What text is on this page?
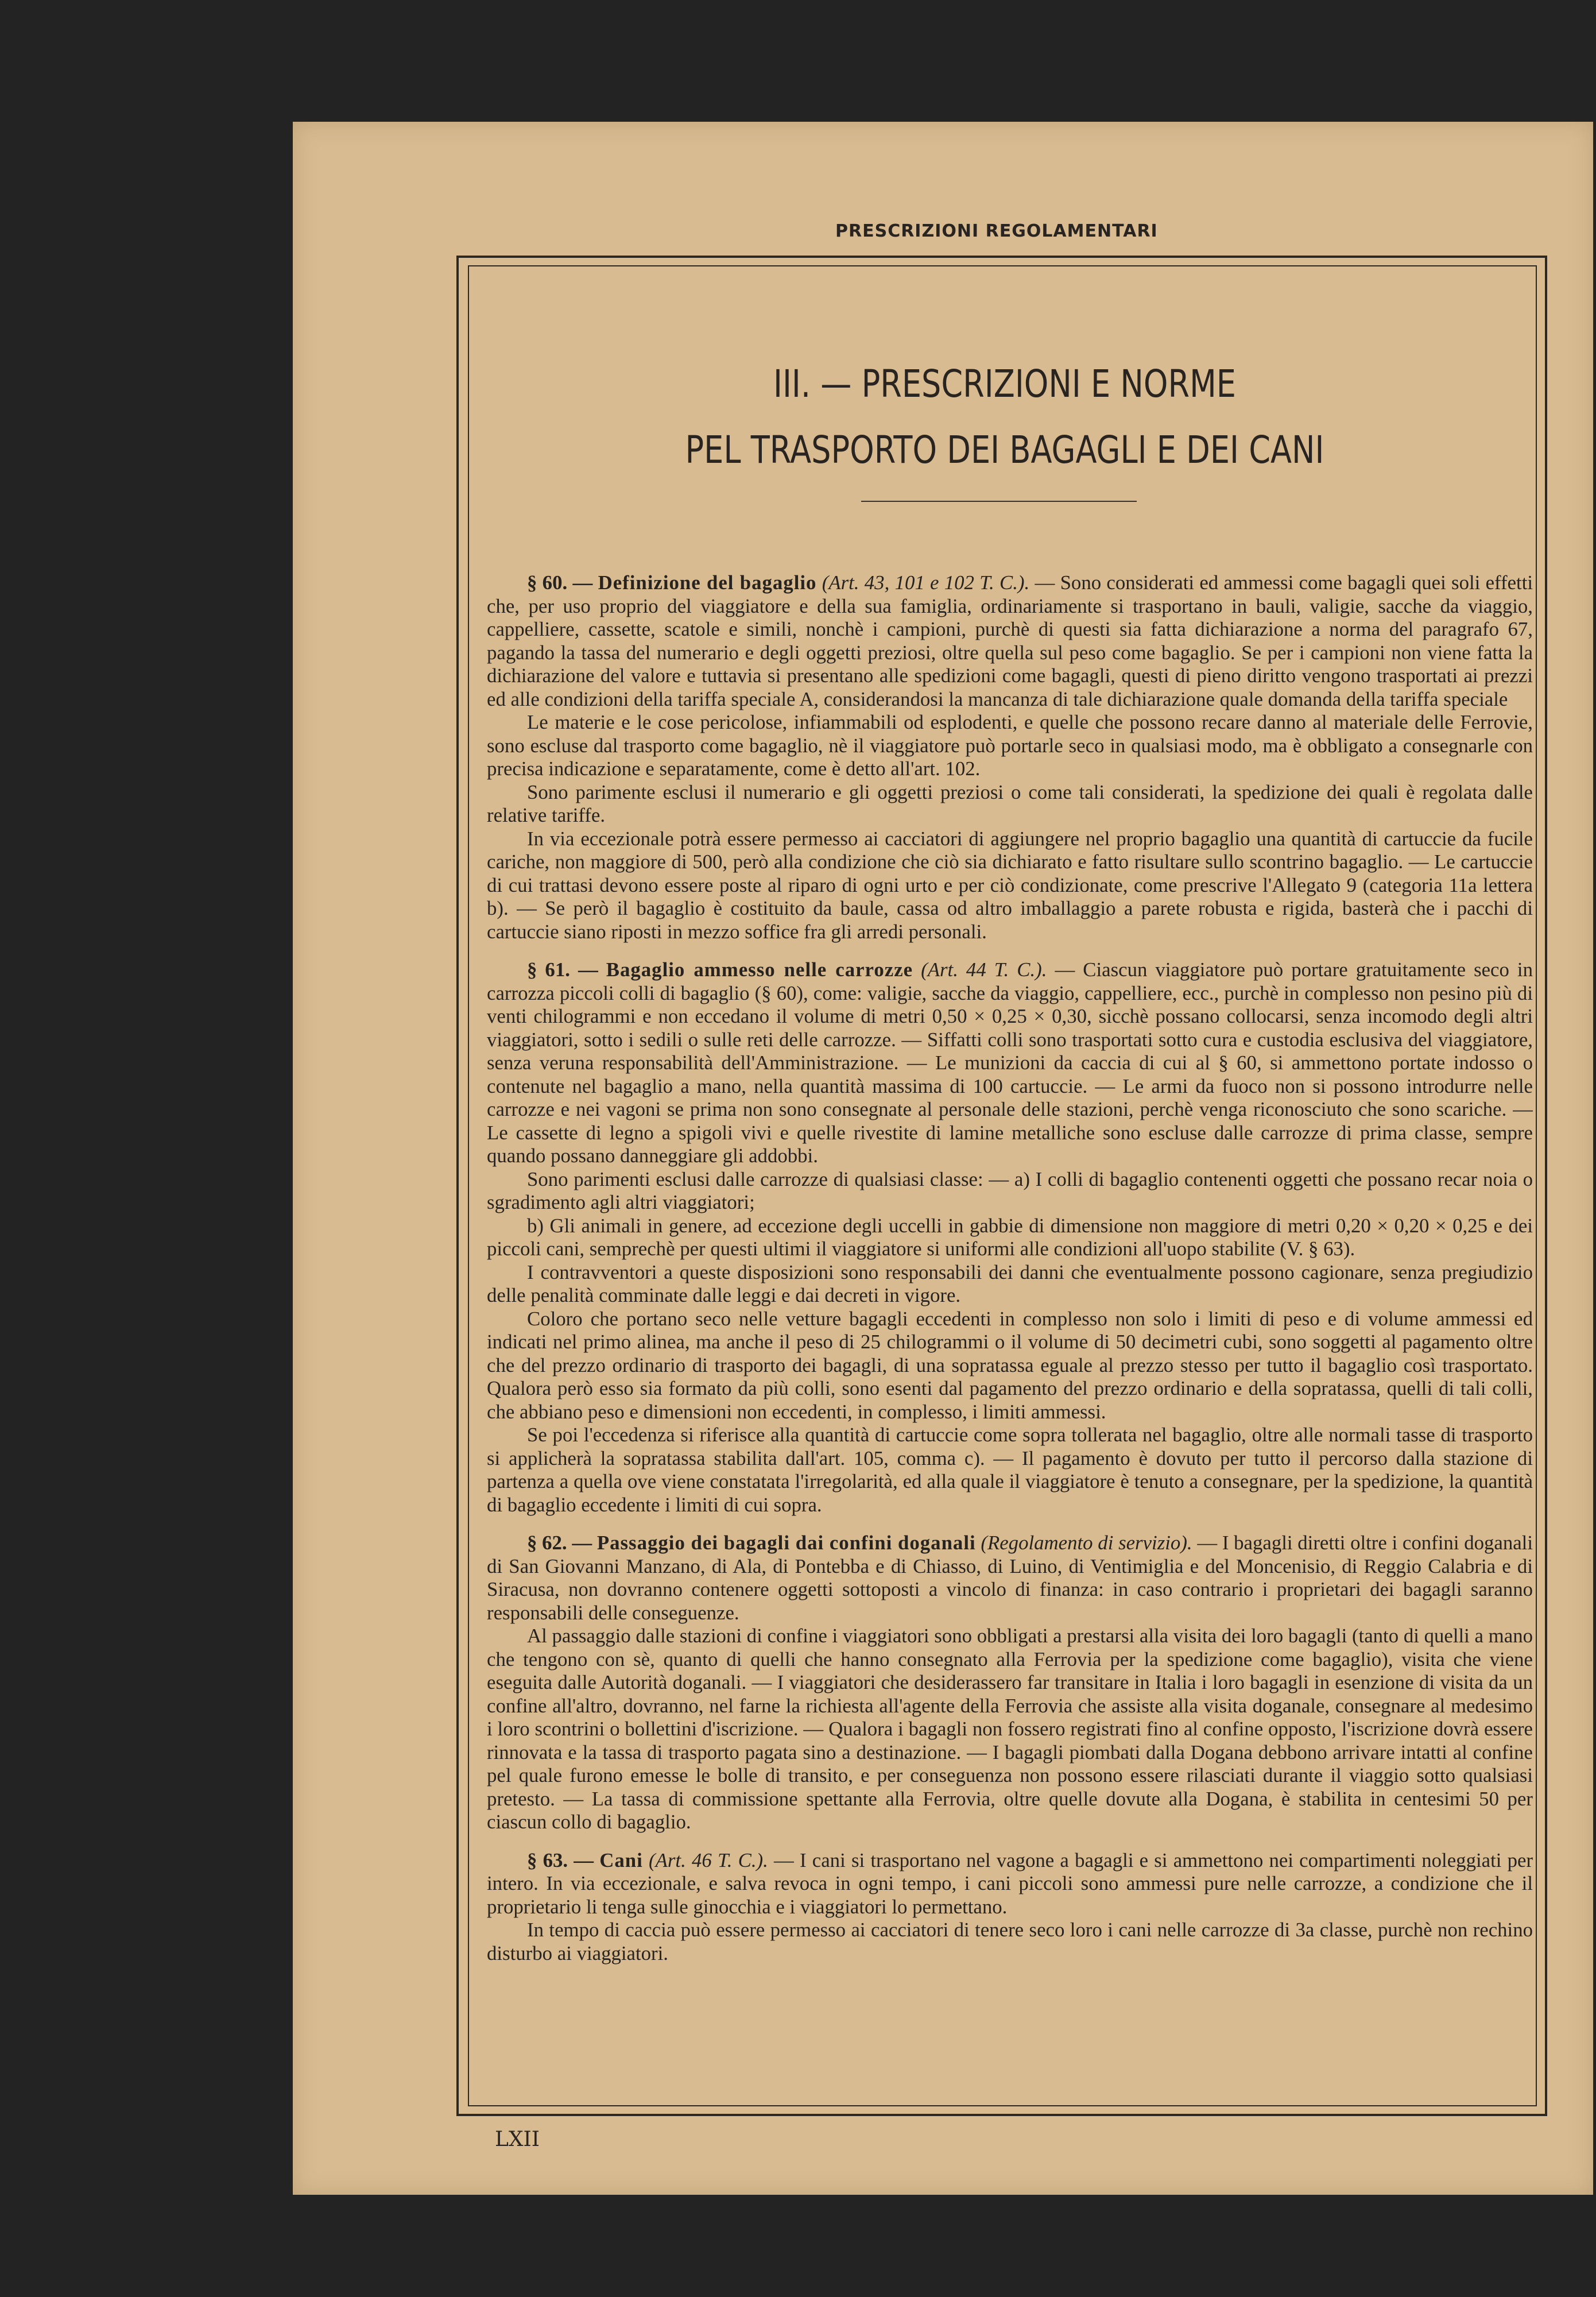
PRESCRIZIONI REGOLAMENTARI
III. — PRESCRIZIONI E NORME
PEL TRASPORTO DEI BAGAGLI E DEI CANI

§ 60. — Definizione del bagaglio (Art. 43, 101 e 102 T. C.). — Sono considerati ed ammessi come bagagli quei soli effetti che, per uso proprio del viaggiatore e della sua famiglia, ordinariamente si trasportano in bauli, valigie, sacche da viaggio, cappelliere, cassette, scatole e simili, nonchè i campioni, purchè di questi sia fatta dichiarazione a norma del paragrafo 67, pagando la tassa del numerario e degli oggetti preziosi, oltre quella sul peso come bagaglio. Se per i campioni non viene fatta la dichiarazione del valore e tuttavia si presentano alle spedizioni come bagagli, questi di pieno diritto vengono trasportati ai prezzi ed alle condizioni della tariffa speciale A, considerandosi la mancanza di tale dichiarazione quale domanda della tariffa speciale

Le materie e le cose pericolose, infiammabili od esplodenti, e quelle che possono recare danno al materiale delle Ferrovie, sono escluse dal trasporto come bagaglio, nè il viaggiatore può portarle seco in qualsiasi modo, ma è obbligato a consegnarle con precisa indicazione e separatamente, come è detto all'art. 102.

Sono parimente esclusi il numerario e gli oggetti preziosi o come tali considerati, la spedizione dei quali è regolata dalle relative tariffe.

In via eccezionale potrà essere permesso ai cacciatori di aggiungere nel proprio bagaglio una quantità di cartuccie da fucile cariche, non maggiore di 500, però alla condizione che ciò sia dichiarato e fatto risultare sullo scontrino bagaglio. — Le cartuccie di cui trattasi devono essere poste al riparo di ogni urto e per ciò condizionate, come prescrive l'Allegato 9 (categoria 11a lettera b). — Se però il bagaglio è costituito da baule, cassa od altro imballaggio a parete robusta e rigida, basterà che i pacchi di cartuccie siano riposti in mezzo soffice fra gli arredi personali.

§ 61. — Bagaglio ammesso nelle carrozze (Art. 44 T. C.). — Ciascun viaggiatore può portare gratuitamente seco in carrozza piccoli colli di bagaglio (§ 60), come: valigie, sacche da viaggio, cappelliere, ecc., purchè in complesso non pesino più di venti chilogrammi e non eccedano il volume di metri 0,50 × 0,25 × 0,30, sicchè possano collocarsi, senza incomodo degli altri viaggiatori, sotto i sedili o sulle reti delle carrozze. — Siffatti colli sono trasportati sotto cura e custodia esclusiva del viaggiatore, senza veruna responsabilità dell'Amministrazione. — Le munizioni da caccia di cui al § 60, si ammettono portate indosso o contenute nel bagaglio a mano, nella quantità massima di 100 cartuccie. — Le armi da fuoco non si possono introdurre nelle carrozze e nei vagoni se prima non sono consegnate al personale delle stazioni, perchè venga riconosciuto che sono scariche. — Le cassette di legno a spigoli vivi e quelle rivestite di lamine metalliche sono escluse dalle carrozze di prima classe, sempre quando possano danneggiare gli addobbi.

Sono parimenti esclusi dalle carrozze di qualsiasi classe: — a) I colli di bagaglio contenenti oggetti che possano recar noia o sgradimento agli altri viaggiatori;

b) Gli animali in genere, ad eccezione degli uccelli in gabbie di dimensione non maggiore di metri 0,20 × 0,20 × 0,25 e dei piccoli cani, semprechè per questi ultimi il viaggiatore si uniformi alle condizioni all'uopo stabilite (V. § 63).

I contravventori a queste disposizioni sono responsabili dei danni che eventualmente possono cagionare, senza pregiudizio delle penalità comminate dalle leggi e dai decreti in vigore.

Coloro che portano seco nelle vetture bagagli eccedenti in complesso non solo i limiti di peso e di volume ammessi ed indicati nel primo alinea, ma anche il peso di 25 chilogrammi o il volume di 50 decimetri cubi, sono soggetti al pagamento oltre che del prezzo ordinario di trasporto dei bagagli, di una sopratassa eguale al prezzo stesso per tutto il bagaglio così trasportato. Qualora però esso sia formato da più colli, sono esenti dal pagamento del prezzo ordinario e della sopratassa, quelli di tali colli, che abbiano peso e dimensioni non eccedenti, in complesso, i limiti ammessi.

Se poi l'eccedenza si riferisce alla quantità di cartuccie come sopra tollerata nel bagaglio, oltre alle normali tasse di trasporto si applicherà la sopratassa stabilita dall'art. 105, comma c). — Il pagamento è dovuto per tutto il percorso dalla stazione di partenza a quella ove viene constatata l'irregolarità, ed alla quale il viaggiatore è tenuto a consegnare, per la spedizione, la quantità di bagaglio eccedente i limiti di cui sopra.

§ 62. — Passaggio dei bagagli dai confini doganali (Regolamento di servizio). — I bagagli diretti oltre i confini doganali di San Giovanni Manzano, di Ala, di Pontebba e di Chiasso, di Luino, di Ventimiglia e del Moncenisio, di Reggio Calabria e di Siracusa, non dovranno contenere oggetti sottoposti a vincolo di finanza: in caso contrario i proprietari dei bagagli saranno responsabili delle conseguenze.

Al passaggio dalle stazioni di confine i viaggiatori sono obbligati a prestarsi alla visita dei loro bagagli (tanto di quelli a mano che tengono con sè, quanto di quelli che hanno consegnato alla Ferrovia per la spedizione come bagaglio), visita che viene eseguita dalle Autorità doganali. — I viaggiatori che desiderassero far transitare in Italia i loro bagagli in esenzione di visita da un confine all'altro, dovranno, nel farne la richiesta all'agente della Ferrovia che assiste alla visita doganale, consegnare al medesimo i loro scontrini o bollettini d'iscrizione. — Qualora i bagagli non fossero registrati fino al confine opposto, l'iscrizione dovrà essere rinnovata e la tassa di trasporto pagata sino a destinazione. — I bagagli piombati dalla Dogana debbono arrivare intatti al confine pel quale furono emesse le bolle di transito, e per conseguenza non possono essere rilasciati durante il viaggio sotto qualsiasi pretesto. — La tassa di commissione spettante alla Ferrovia, oltre quelle dovute alla Dogana, è stabilita in centesimi 50 per ciascun collo di bagaglio.

§ 63. — Cani (Art. 46 T. C.). — I cani si trasportano nel vagone a bagagli e si ammettono nei compartimenti noleggiati per intero. In via eccezionale, e salva revoca in ogni tempo, i cani piccoli sono ammessi pure nelle carrozze, a condizione che il proprietario li tenga sulle ginocchia e i viaggiatori lo permettano.

In tempo di caccia può essere permesso ai cacciatori di tenere seco loro i cani nelle carrozze di 3a classe, purchè non rechino disturbo ai viaggiatori.

LXII
